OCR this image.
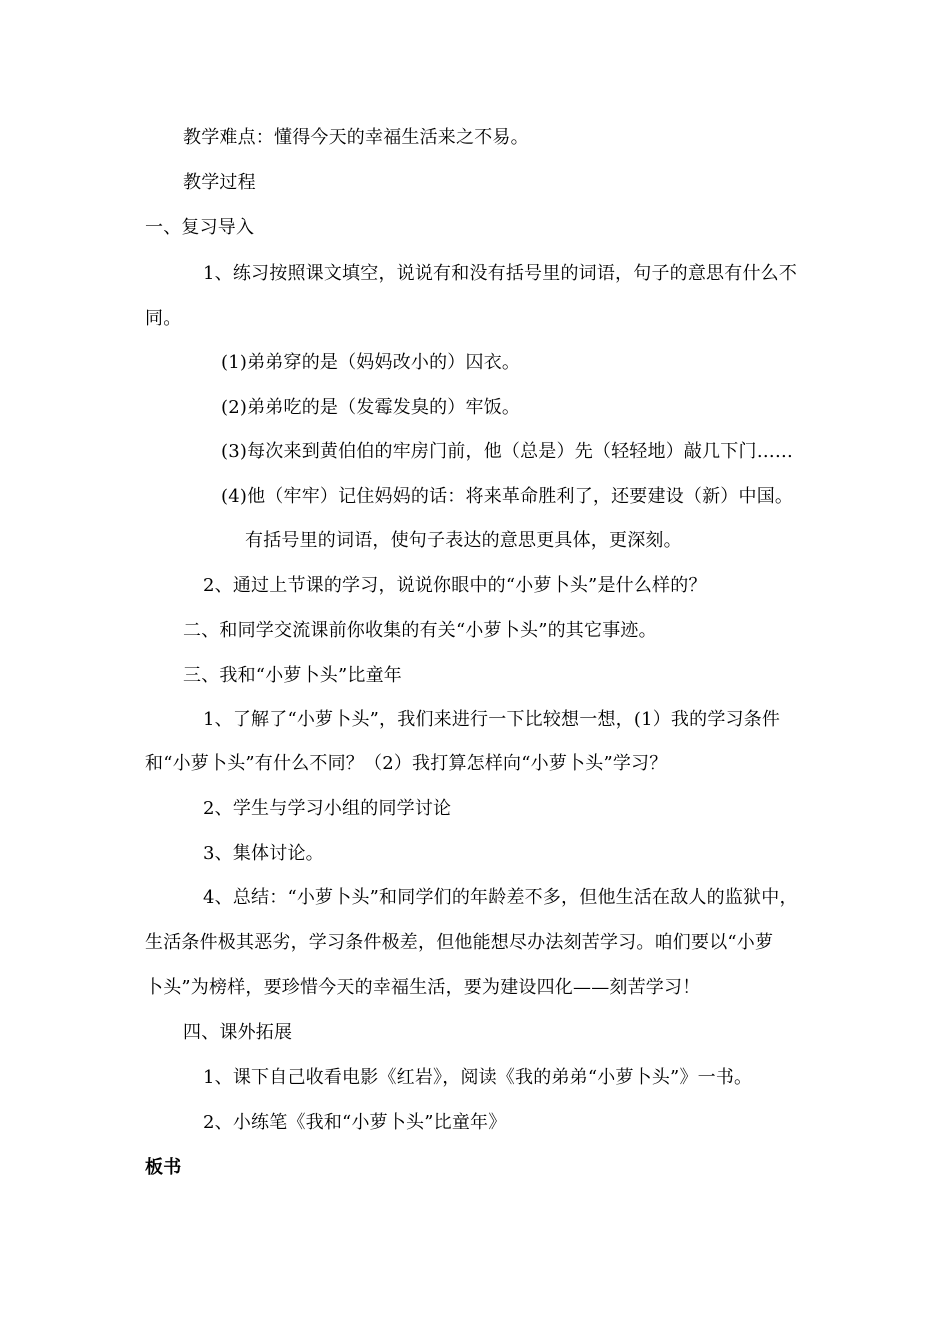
教学难点：懂得今天的幸福生活来之不易。
教学过程
一、复习导入
1、练习按照课文填空，说说有和没有括号里的词语，句子的意思有什么不
同。
(1)弟弟穿的是（妈妈改小的）囚衣。
(2)弟弟吃的是（发霉发臭的）牢饭。
(3)每次来到黄伯伯的牢房门前，他（总是）先（轻轻地）敲几下门……
(4)他（牢牢）记住妈妈的话：将来革命胜利了，还要建设（新）中国。
有括号里的词语，使句子表达的意思更具体，更深刻。
2、通过上节课的学习，说说你眼中的“小萝卜头”是什么样的？
二、和同学交流课前你收集的有关“小萝卜头”的其它事迹。
三、我和“小萝卜头”比童年
1、了解了“小萝卜头”，我们来进行一下比较想一想，(1）我的学习条件
和“小萝卜头”有什么不同？（2）我打算怎样向“小萝卜头”学习？
2、学生与学习小组的同学讨论
3、集体讨论。
4、总结：“小萝卜头”和同学们的年龄差不多，但他生活在敌人的监狱中，
生活条件极其恶劣，学习条件极差，但他能想尽办法刻苦学习。咱们要以“小萝
卜头”为榜样，要珍惜今天的幸福生活，要为建设四化——刻苦学习！
四、课外拓展
1、课下自己收看电影《红岩》，阅读《我的弟弟“小萝卜头”》一书。
2、小练笔《我和“小萝卜头”比童年》
板书
